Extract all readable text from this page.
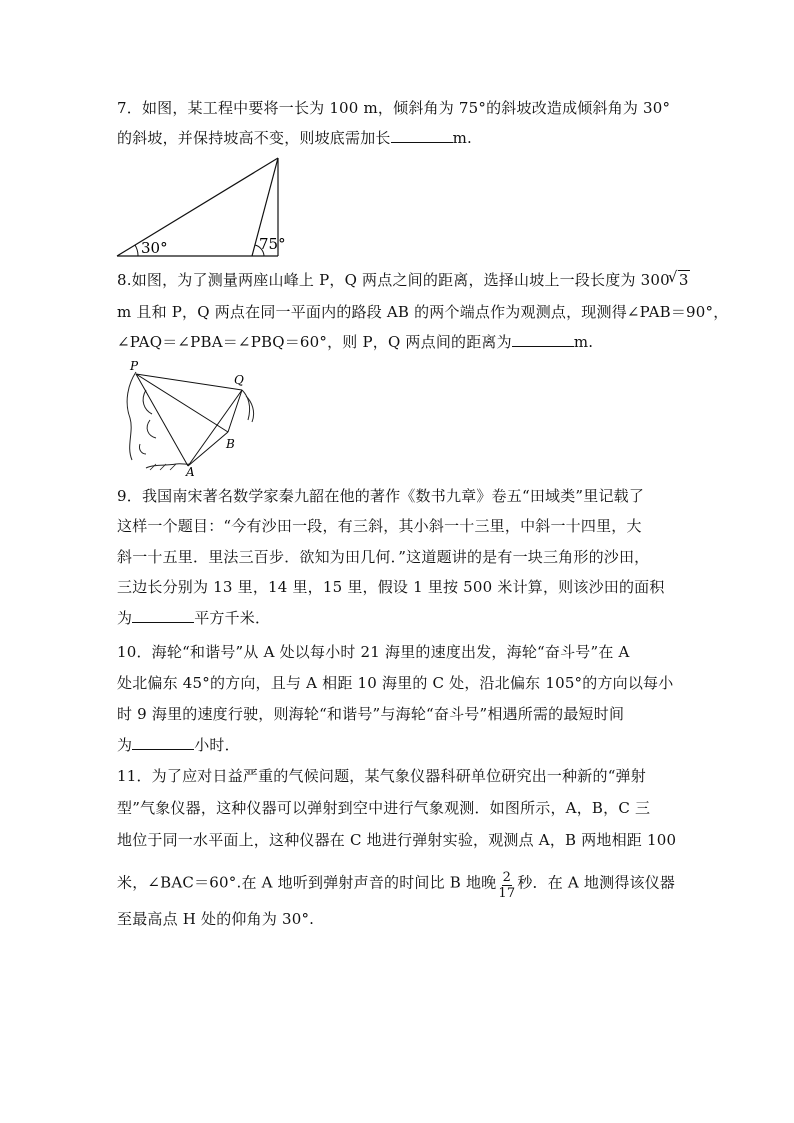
7．如图，某工程中要将一长为 100 m，倾斜角为 75°的斜坡改造成倾斜角为 30°
的斜坡，并保持坡高不变，则坡底需加长	m.
30°	75°
8.如图，为了测量两座山峰上 P，Q 两点之间的距离，选择山坡上一段长度为 300
√ 3
m 且和 P，Q 两点在同一平面内的路段 AB 的两个端点作为观测点，现测得∠PAB＝90°，
∠PAQ＝∠PBA＝∠PBQ＝60°，则 P，Q 两点间的距离为	m.
P
Q
A
B
9．我国南宋著名数学家秦九韶在他的著作《数书九章》卷五“田域类”里记载了
这样一个题目：“今有沙田一段，有三斜，其小斜一十三里，中斜一十四里，大
斜一十五里．里法三百步．欲知为田几何．”这道题讲的是有一块三角形的沙田，
三边长分别为 13 里，14 里，15 里，假设 1 里按 500 米计算，则该沙田的面积
为	平方千米．
10．海轮“和谐号”从 A 处以每小时 21 海里的速度出发，海轮“奋斗号”在 A
处北偏东 45°的方向，且与 A 相距 10 海里的 C 处，沿北偏东 105°的方向以每小
时 9 海里的速度行驶，则海轮“和谐号”与海轮“奋斗号”相遇所需的最短时间
为	小时．
11．为了应对日益严重的气候问题，某气象仪器科研单位研究出一种新的“弹射
型”气象仪器，这种仪器可以弹射到空中进行气象观测．如图所示，A，B，C 三
地位于同一水平面上，这种仪器在 C 地进行弹射实验，观测点 A，B 两地相距 100
米，∠BAC＝60°.在 A 地听到弹射声音的时间比 B 地晚 $\frac{2}{17}$ 秒．在 A 地测得该仪器
至最高点 H 处的仰角为 30°.
